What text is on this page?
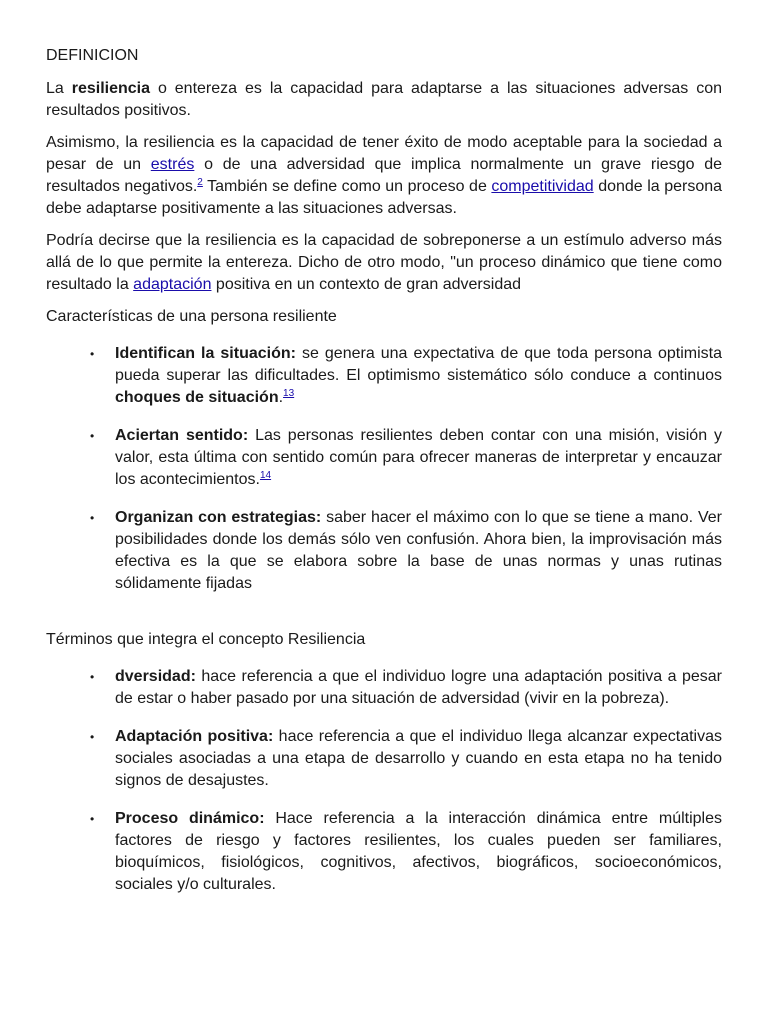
DEFINICION

La resiliencia o entereza es la capacidad para adaptarse a las situaciones adversas con resultados positivos.

Asimismo, la resiliencia es la capacidad de tener éxito de modo aceptable para la sociedad a pesar de un estrés o de una adversidad que implica normalmente un grave riesgo de resultados negativos.$^2$ También se define como un proceso de competitividad donde la persona debe adaptarse positivamente a las situaciones adversas.

Podría decirse que la resiliencia es la capacidad de sobreponerse a un estímulo adverso más allá de lo que permite la entereza. Dicho de otro modo, "un proceso dinámico que tiene como resultado la adaptación positiva en un contexto de gran adversidad

Características de una persona resiliente

• Identifican la situación: se genera una expectativa de que toda persona optimista pueda superar las dificultades. El optimismo sistemático sólo conduce a continuos choques de situación.$^{13}$
• Aciertan sentido: Las personas resilientes deben contar con una misión, visión y valor, esta última con sentido común para ofrecer maneras de interpretar y encauzar los acontecimientos.$^{14}$
• Organizan con estrategias: saber hacer el máximo con lo que se tiene a mano. Ver posibilidades donde los demás sólo ven confusión. Ahora bien, la improvisación más efectiva es la que se elabora sobre la base de unas normas y unas rutinas sólidamente fijadas

Términos que integra el concepto Resiliencia

• dversidad: hace referencia a que el individuo logre una adaptación positiva a pesar de estar o haber pasado por una situación de adversidad (vivir en la pobreza).
• Adaptación positiva: hace referencia a que el individuo llega alcanzar expectativas sociales asociadas a una etapa de desarrollo y cuando en esta etapa no ha tenido signos de desajustes.
• Proceso dinámico: Hace referencia a la interacción dinámica entre múltiples factores de riesgo y factores resilientes, los cuales pueden ser familiares, bioquímicos, fisiológicos, cognitivos, afectivos, biográficos, socioeconómicos, sociales y/o culturales.
